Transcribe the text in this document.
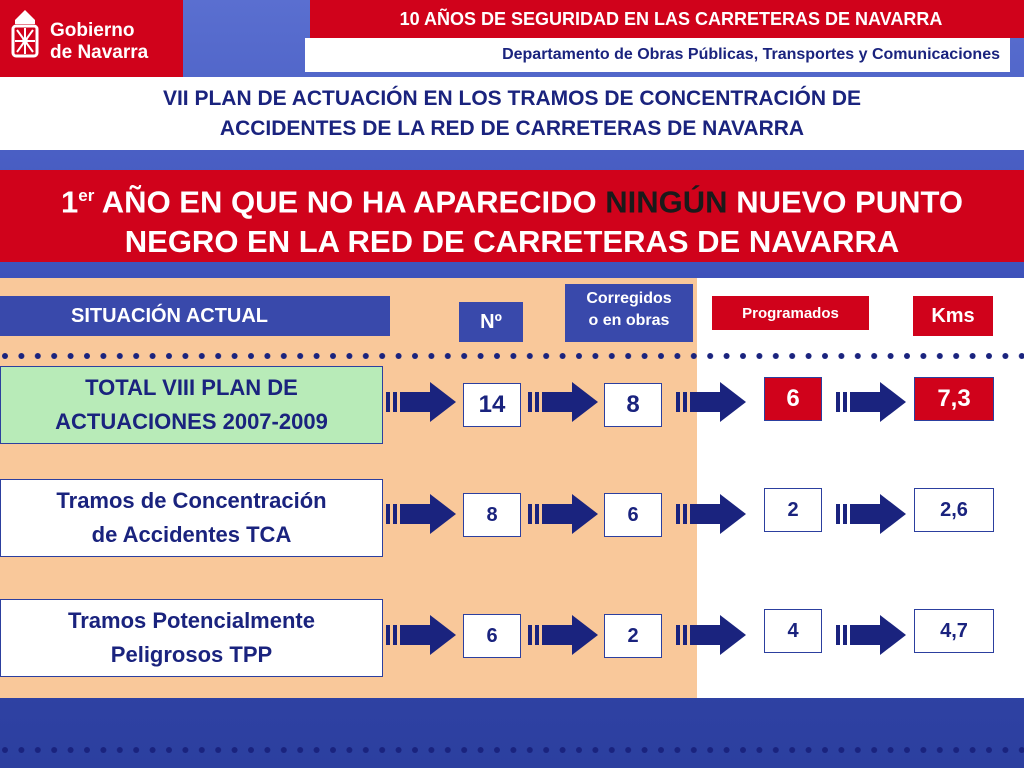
Gobierno
de Navarra
10 AÑOS DE SEGURIDAD EN LAS CARRETERAS DE NAVARRA
Departamento de Obras Públicas, Transportes y Comunicaciones
VII PLAN DE ACTUACIÓN EN LOS TRAMOS DE CONCENTRACIÓN DE
ACCIDENTES DE LA RED DE CARRETERAS DE NAVARRA
1er AÑO EN QUE NO HA APARECIDO NINGÚN NUEVO PUNTO
NEGRO EN LA RED DE CARRETERAS DE NAVARRA
SITUACIÓN ACTUAL	Nº
Corregidos
o en obras	Programados	Kms
TOTAL VIII PLAN DE
ACTUACIONES 2007-2009
14	8	6	7,3
Tramos de Concentración
de Accidentes TCA
8	6	2	2,6
Tramos Potencialmente
Peligrosos TPP
6	2	4	4,7
